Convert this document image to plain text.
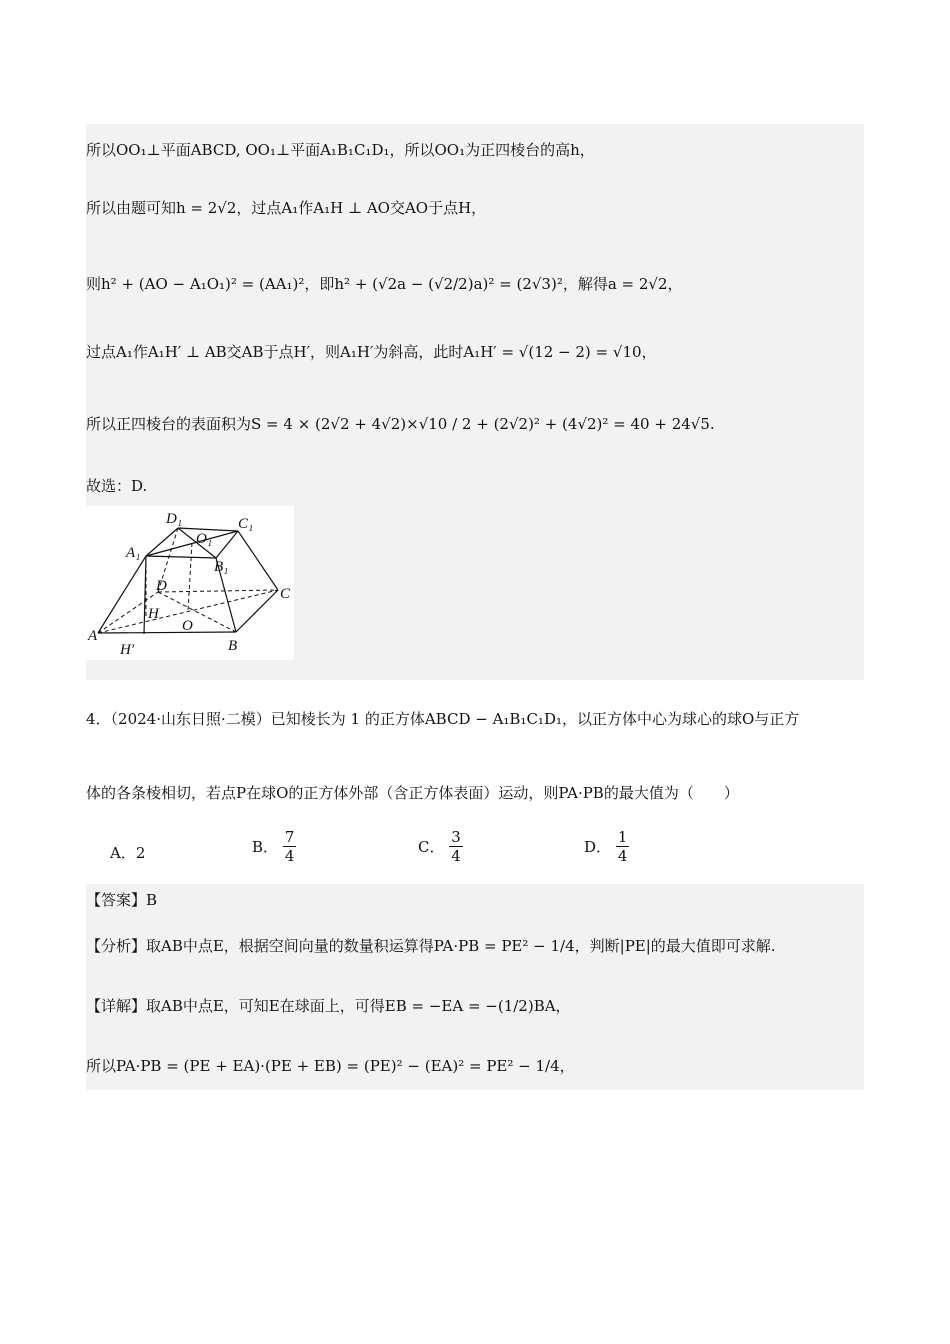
所以OO₁⊥平面ABCD, OO₁⊥平面A₁B₁C₁D₁，所以OO₁为正四棱台的高h，
所以由题可知h = 2√2，过点A₁作A₁H ⊥ AO交AO于点H，
则h² + (AO − A₁O₁)² = (AA₁)²，即h² + (√2a − (√2/2)a)² = (2√3)²，解得a = 2√2，
过点A₁作A₁H′ ⊥ AB交AB于点H′，则A₁H′为斜高，此时A₁H′ = √(12 − 2) = √10，
所以正四棱台的表面积为S = 4 × (2√2 + 4√2)×√10 / 2 + (2√2)² + (4√2)² = 40 + 24√5.
故选：D.
D₁	C₁
O₁
A₁
B₁
D	C
H
O
A
B
H′
4．（2024·山东日照·二模）已知棱长为 1 的正方体ABCD − A₁B₁C₁D₁，以正方体中心为球心的球O与正方
体的各条棱相切，若点P在球O的正方体外部（含正方体表面）运动，则PA·PB的最大值为（　　）
A．2	B． $\frac{7}{4}$	C． $\frac{3}{4}$	D． $\frac{1}{4}$
【答案】B
【分析】取AB中点E，根据空间向量的数量积运算得PA·PB = PE² − 1/4，判断|PE|的最大值即可求解.
【详解】取AB中点E，可知E在球面上，可得EB = −EA = −(1/2)BA，
所以PA·PB = (PE + EA)·(PE + EB) = (PE)² − (EA)² = PE² − 1/4，
